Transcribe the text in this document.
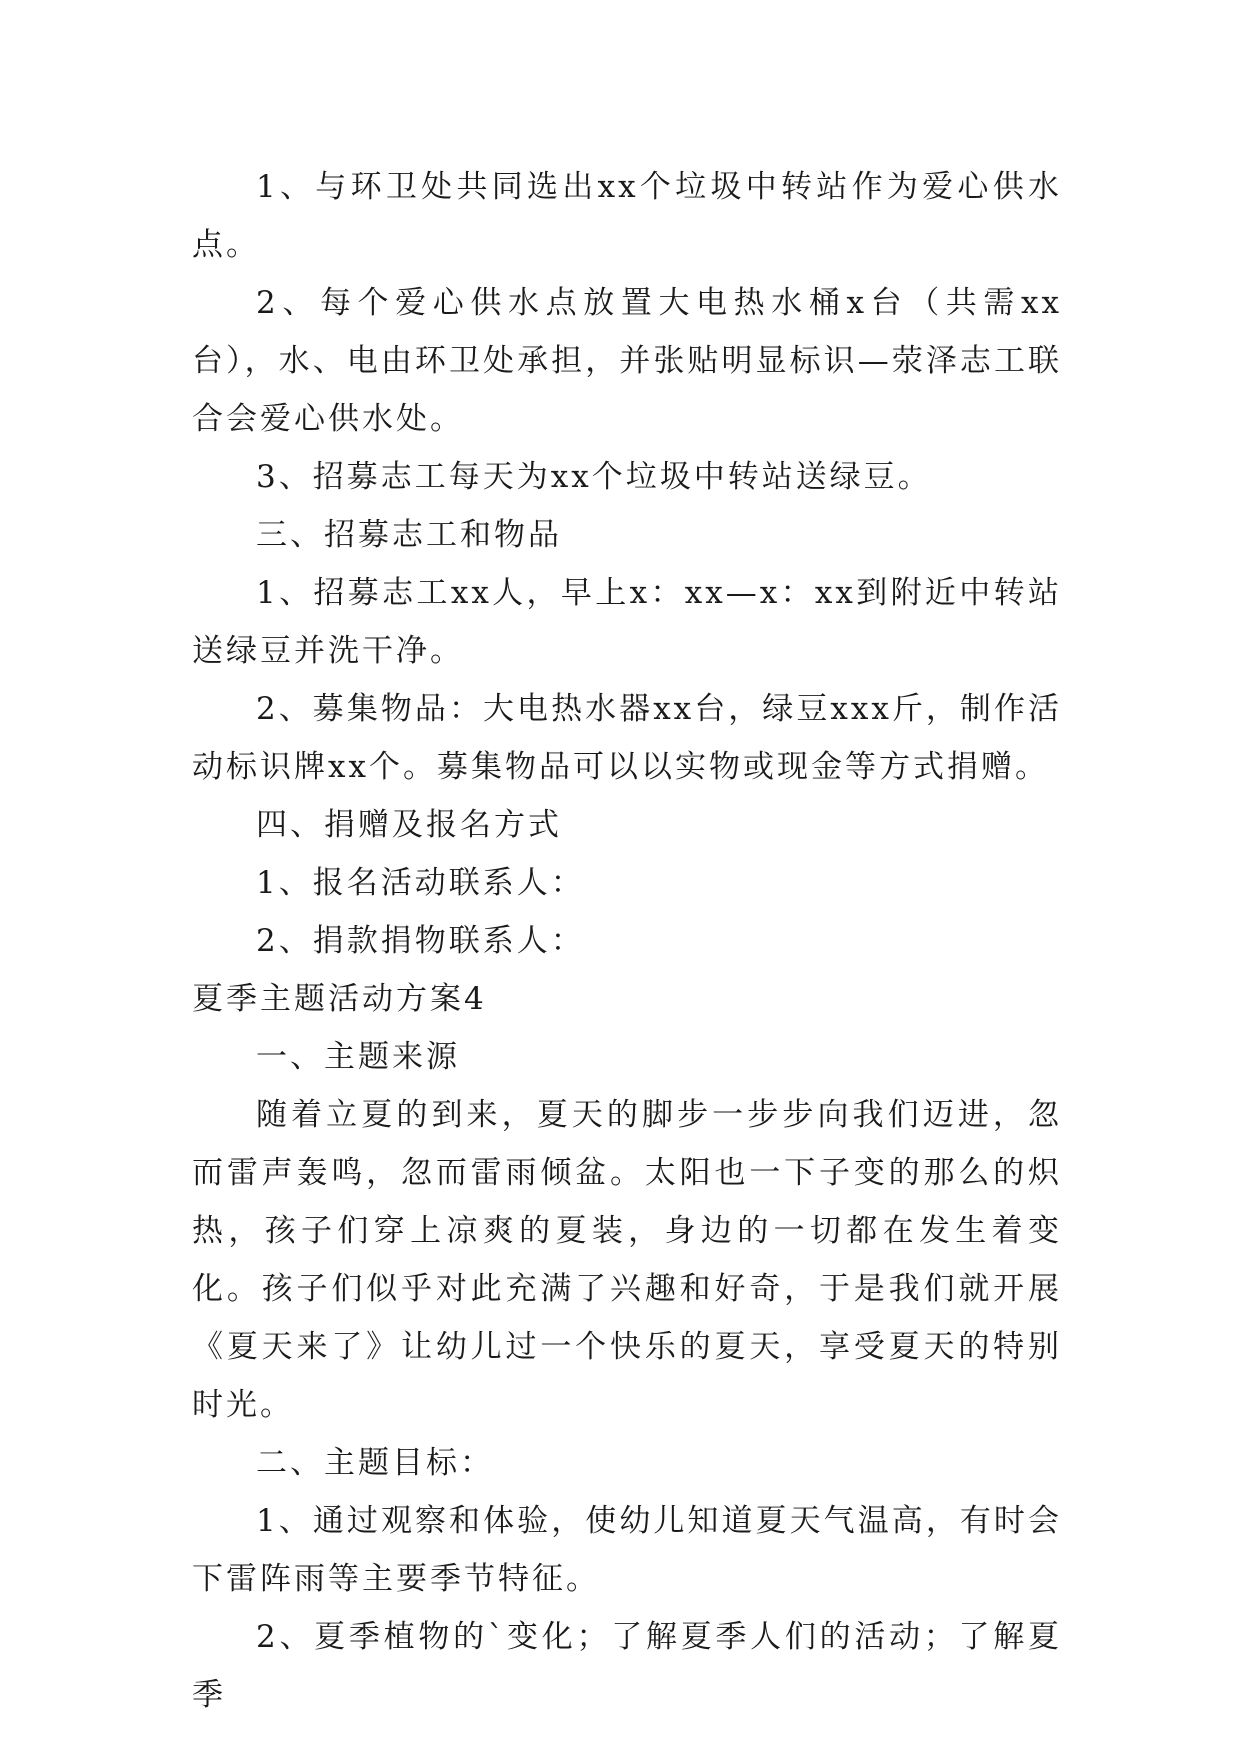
1、与环卫处共同选出xx个垃圾中转站作为爱心供水点。

2、每个爱心供水点放置大电热水桶x台（共需xx台），水、电由环卫处承担，并张贴明显标识—荥泽志工联合会爱心供水处。

3、招募志工每天为xx个垃圾中转站送绿豆。

三、招募志工和物品

1、招募志工xx人，早上x：xx—x：xx到附近中转站送绿豆并洗干净。

2、募集物品：大电热水器xx台，绿豆xxx斤，制作活动标识牌xx个。募集物品可以以实物或现金等方式捐赠。

四、捐赠及报名方式

1、报名活动联系人：

2、捐款捐物联系人：

夏季主题活动方案4

一、主题来源

随着立夏的到来，夏天的脚步一步步向我们迈进，忽而雷声轰鸣，忽而雷雨倾盆。太阳也一下子变的那么的炽热，孩子们穿上凉爽的夏装，身边的一切都在发生着变化。孩子们似乎对此充满了兴趣和好奇，于是我们就开展《夏天来了》让幼儿过一个快乐的夏天，享受夏天的特别时光。

二、主题目标：

1、通过观察和体验，使幼儿知道夏天气温高，有时会下雷阵雨等主要季节特征。

2、夏季植物的`变化；了解夏季人们的活动；了解夏季
